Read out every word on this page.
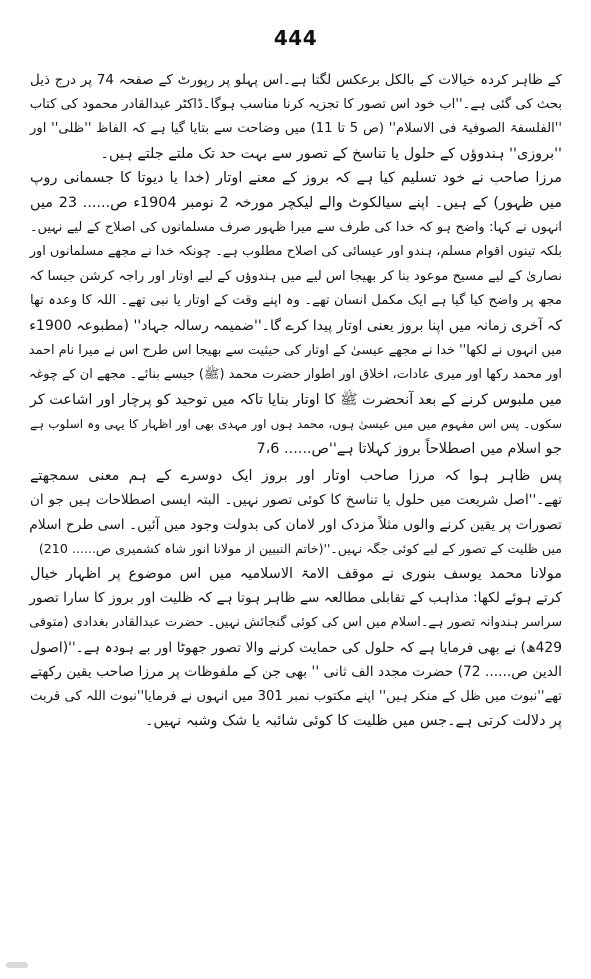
444
کے ظاہر کردہ خیالات کے بالکل برعکس لگتا ہے۔اس پہلو پر رپورٹ کے صفحہ 74 پر درج ذیل
بحث کی گئی ہے۔''اب خود اس تصور کا تجزیہ کرنا مناسب ہوگا۔ڈاکٹر عبدالقادر محمود کی کتاب
''الفلسفۃ الصوفیۃ فی الاسلام'' (ص 5 تا 11) میں وضاحت سے بتایا گیا ہے کہ الفاظ ''ظلی'' اور
''بروزی'' ہندوؤں کے حلول یا تناسخ کے تصور سے بہت حد تک ملتے جلتے ہیں۔
مرزا صاحب نے خود تسلیم کیا ہے کہ بروز کے معنے اوتار (خدا یا دیوتا کا جسمانی روپ
میں ظہور) کے ہیں۔ اپنے سیالکوٹ والے لیکچر مورخہ 2 نومبر 1904ء ص...... 23 میں
انہوں نے کہا: واضح ہو کہ خدا کی طرف سے میرا ظہور صرف مسلمانوں کی اصلاح کے لیے نہیں۔
بلکہ تینوں اقوام مسلم، ہندو اور عیسائی کی اصلاح مطلوب ہے۔ چونکہ خدا نے مجھے مسلمانوں اور
نصاریٰ کے لیے مسیح موعود بنا کر بھیجا اس لیے میں ہندوؤں کے لیے اوتار اور راجہ کرشن جیسا کہ
مجھ پر واضح کیا گیا ہے ایک مکمل انسان تھے۔ وہ اپنے وقت کے اوتار یا نبی تھے۔ اللہ کا وعدہ تھا
کہ آخری زمانہ میں اپنا بروز یعنی اوتار پیدا کرے گا۔''ضمیمہ رسالہ جہاد'' (مطبوعہ 1900ء
میں انہوں نے لکھا'' خدا نے مجھے عیسیٰ کے اوتار کی حیثیت سے بھیجا اس طرح اس نے میرا نام احمد
اور محمد رکھا اور میری عادات، اخلاق اور اطوار حضرت محمد (ﷺ) جیسے بنائے۔ مجھے ان کے چوغہ
میں ملبوس کرنے کے بعد آنحضرت ﷺ کا اوتار بنایا تاکہ میں توحید کو پرچار اور اشاعت کر
سکوں۔ پس اس مفہوم میں میں عیسیٰ ہوں، محمد ہوں اور مہدی بھی اور اظہار کا یہی وہ اسلوب ہے
جو اسلام میں اصطلاحاً بروز کہلاتا ہے''ص...... 7،6
پس ظاہر ہوا کہ مرزا صاحب اوتار اور بروز ایک دوسرے کے ہم معنی سمجھتے
تھے۔''اصل شریعت میں حلول یا تناسخ کا کوئی تصور نہیں۔ البتہ ایسی اصطلاحات ہیں جو ان
تصورات پر یقین کرنے والوں مثلاً مزدک اور لامان کی بدولت وجود میں آئیں۔ اسی طرح اسلام
میں ظلیت کے تصور کے لیے کوئی جگہ نہیں۔''(خاتم النبیین از مولانا انور شاہ کشمیری ص...... 210)
مولانا محمد یوسف بنوری نے موقف الامۃ الاسلامیہ میں اس موضوع پر اظہار خیال
کرتے ہوئے لکھا: مذاہب کے تقابلی مطالعہ سے ظاہر ہوتا ہے کہ ظلیت اور بروز کا سارا تصور
سراسر ہندوانہ تصور ہے۔اسلام میں اس کی کوئی گنجائش نہیں۔ حضرت عبدالقادر بغدادی (متوفی
429ھ) نے بھی فرمایا ہے کہ حلول کی حمایت کرنے والا تصور جھوٹا اور بے ہودہ ہے۔''(اصول
الدین ص...... 72) حضرت مجدد الف ثانی '' بھی جن کے ملفوظات پر مرزا صاحب یقین رکھتے
تھے''نبوت میں ظل کے منکر ہیں'' اپنے مکتوب نمبر 301 میں انہوں نے فرمایا''نبوت اللہ کی قربت
پر دلالت کرتی ہے۔جس میں ظلیت کا کوئی شائبہ یا شک وشبہ نہیں۔
